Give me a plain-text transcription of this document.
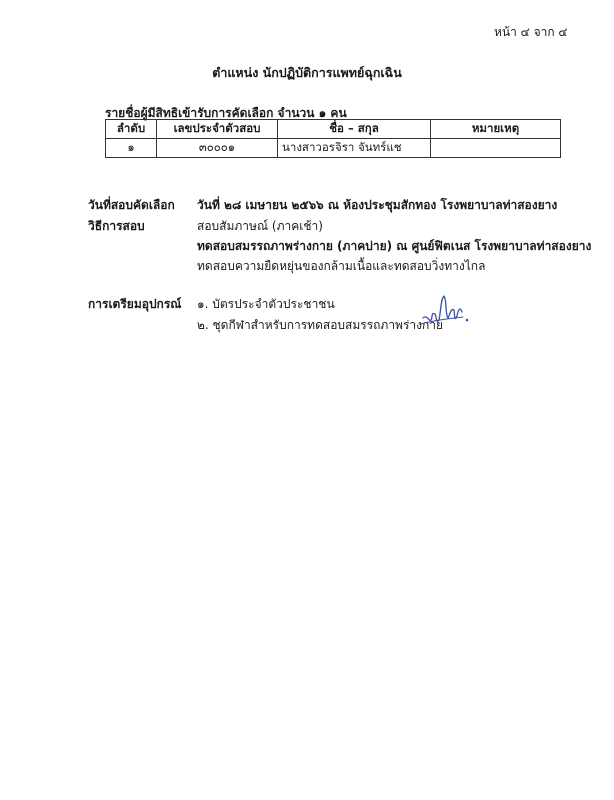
หน้า ๔ จาก ๔
ตำแหน่ง นักปฏิบัติการแพทย์ฉุกเฉิน
รายชื่อผู้มีสิทธิเข้ารับการคัดเลือก จำนวน ๑ คน
ลำดับ	เลขประจำตัวสอบ	ชื่อ – สกุล	หมายเหตุ
๑	๓๐๐๐๑	นางสาวอรจิรา จันทร์แช	
วันที่สอบคัดเลือก วันที่ ๒๘ เมษายน ๒๕๖๖ ณ ห้องประชุมสักทอง โรงพยาบาลท่าสองยาง
วิธีการสอบ	สอบสัมภาษณ์ (ภาคเช้า)
ทดสอบสมรรถภาพร่างกาย (ภาคบ่าย) ณ ศูนย์ฟิตเนส โรงพยาบาลท่าสองยาง
ทดสอบความยืดหยุ่นของกล้ามเนื้อและทดสอบวิ่งทางไกล
การเตรียมอุปกรณ์ ๑. บัตรประจำตัวประชาชน
๒. ชุดกีฬาสำหรับการทดสอบสมรรถภาพร่างกาย
